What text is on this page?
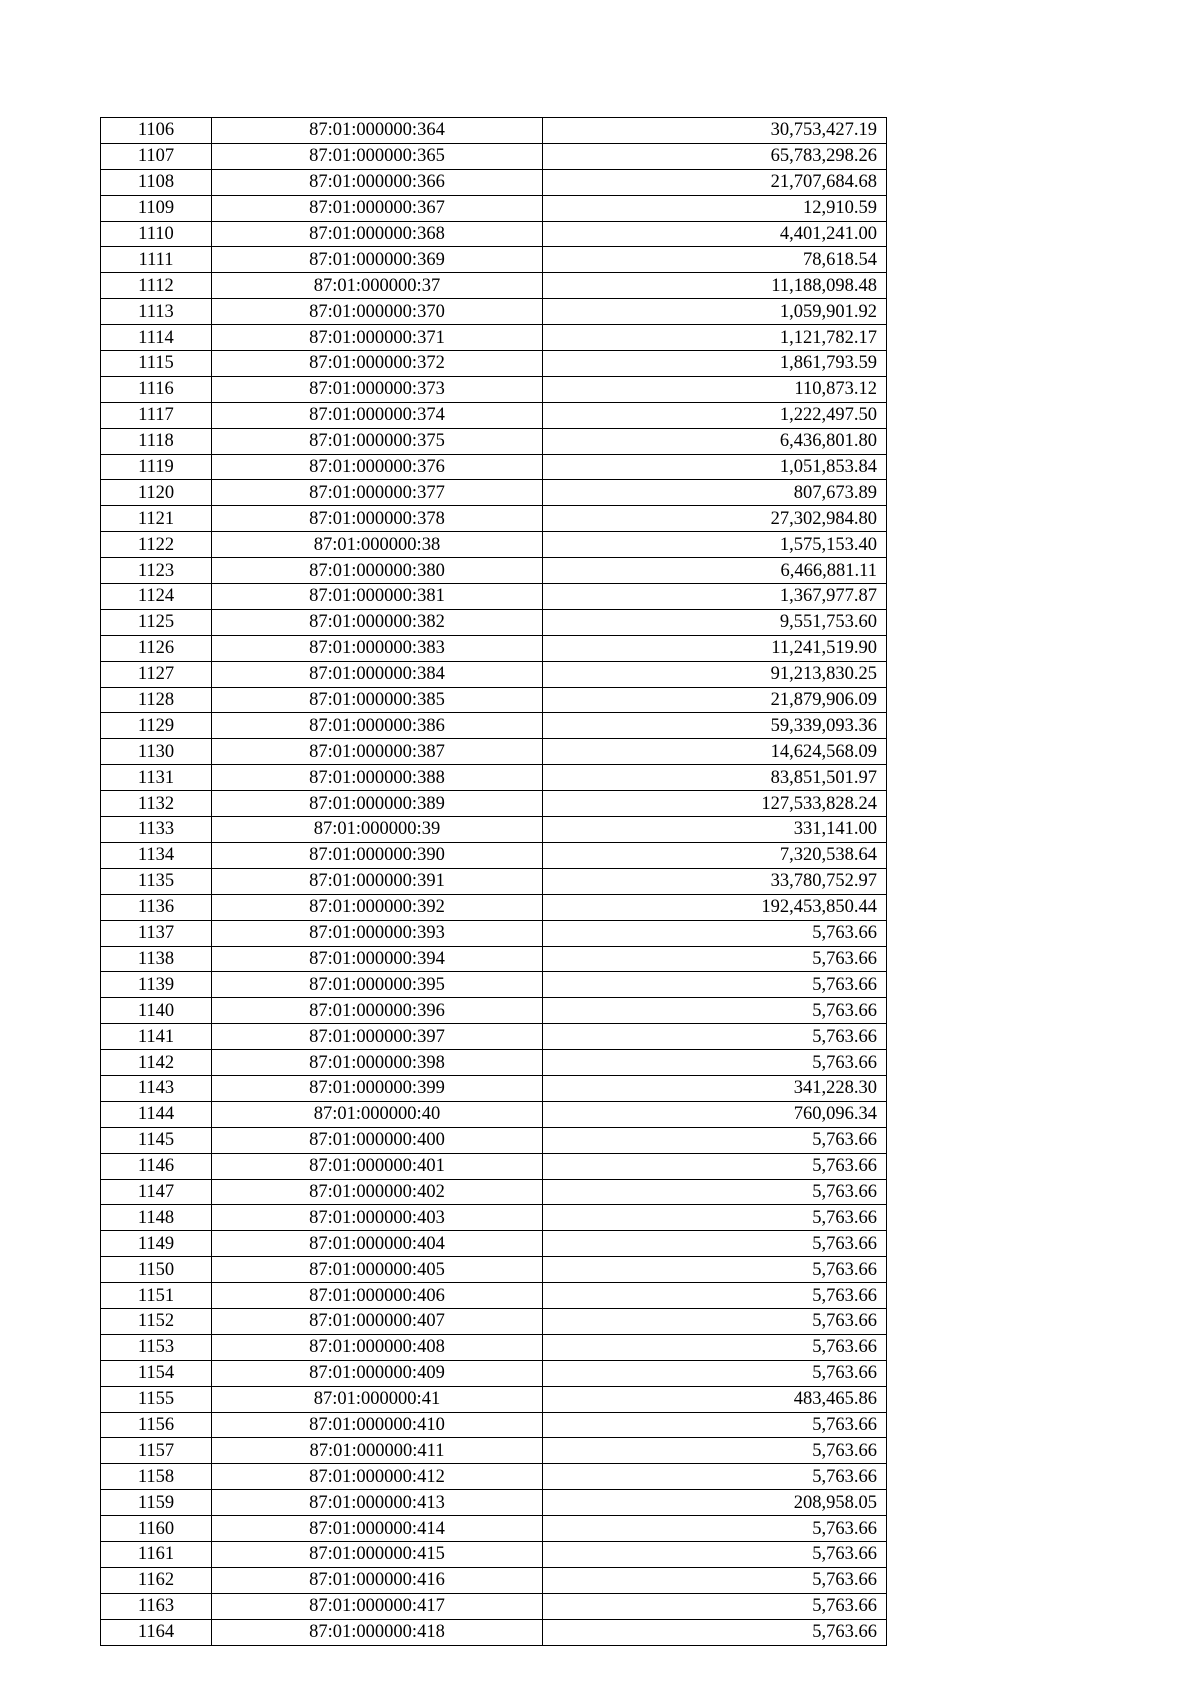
1106	87:01:000000:364	30,753,427.19
1107	87:01:000000:365	65,783,298.26
1108	87:01:000000:366	21,707,684.68
1109	87:01:000000:367	12,910.59
1110	87:01:000000:368	4,401,241.00
1111	87:01:000000:369	78,618.54
1112	87:01:000000:37	11,188,098.48
1113	87:01:000000:370	1,059,901.92
1114	87:01:000000:371	1,121,782.17
1115	87:01:000000:372	1,861,793.59
1116	87:01:000000:373	110,873.12
1117	87:01:000000:374	1,222,497.50
1118	87:01:000000:375	6,436,801.80
1119	87:01:000000:376	1,051,853.84
1120	87:01:000000:377	807,673.89
1121	87:01:000000:378	27,302,984.80
1122	87:01:000000:38	1,575,153.40
1123	87:01:000000:380	6,466,881.11
1124	87:01:000000:381	1,367,977.87
1125	87:01:000000:382	9,551,753.60
1126	87:01:000000:383	11,241,519.90
1127	87:01:000000:384	91,213,830.25
1128	87:01:000000:385	21,879,906.09
1129	87:01:000000:386	59,339,093.36
1130	87:01:000000:387	14,624,568.09
1131	87:01:000000:388	83,851,501.97
1132	87:01:000000:389	127,533,828.24
1133	87:01:000000:39	331,141.00
1134	87:01:000000:390	7,320,538.64
1135	87:01:000000:391	33,780,752.97
1136	87:01:000000:392	192,453,850.44
1137	87:01:000000:393	5,763.66
1138	87:01:000000:394	5,763.66
1139	87:01:000000:395	5,763.66
1140	87:01:000000:396	5,763.66
1141	87:01:000000:397	5,763.66
1142	87:01:000000:398	5,763.66
1143	87:01:000000:399	341,228.30
1144	87:01:000000:40	760,096.34
1145	87:01:000000:400	5,763.66
1146	87:01:000000:401	5,763.66
1147	87:01:000000:402	5,763.66
1148	87:01:000000:403	5,763.66
1149	87:01:000000:404	5,763.66
1150	87:01:000000:405	5,763.66
1151	87:01:000000:406	5,763.66
1152	87:01:000000:407	5,763.66
1153	87:01:000000:408	5,763.66
1154	87:01:000000:409	5,763.66
1155	87:01:000000:41	483,465.86
1156	87:01:000000:410	5,763.66
1157	87:01:000000:411	5,763.66
1158	87:01:000000:412	5,763.66
1159	87:01:000000:413	208,958.05
1160	87:01:000000:414	5,763.66
1161	87:01:000000:415	5,763.66
1162	87:01:000000:416	5,763.66
1163	87:01:000000:417	5,763.66
1164	87:01:000000:418	5,763.66
